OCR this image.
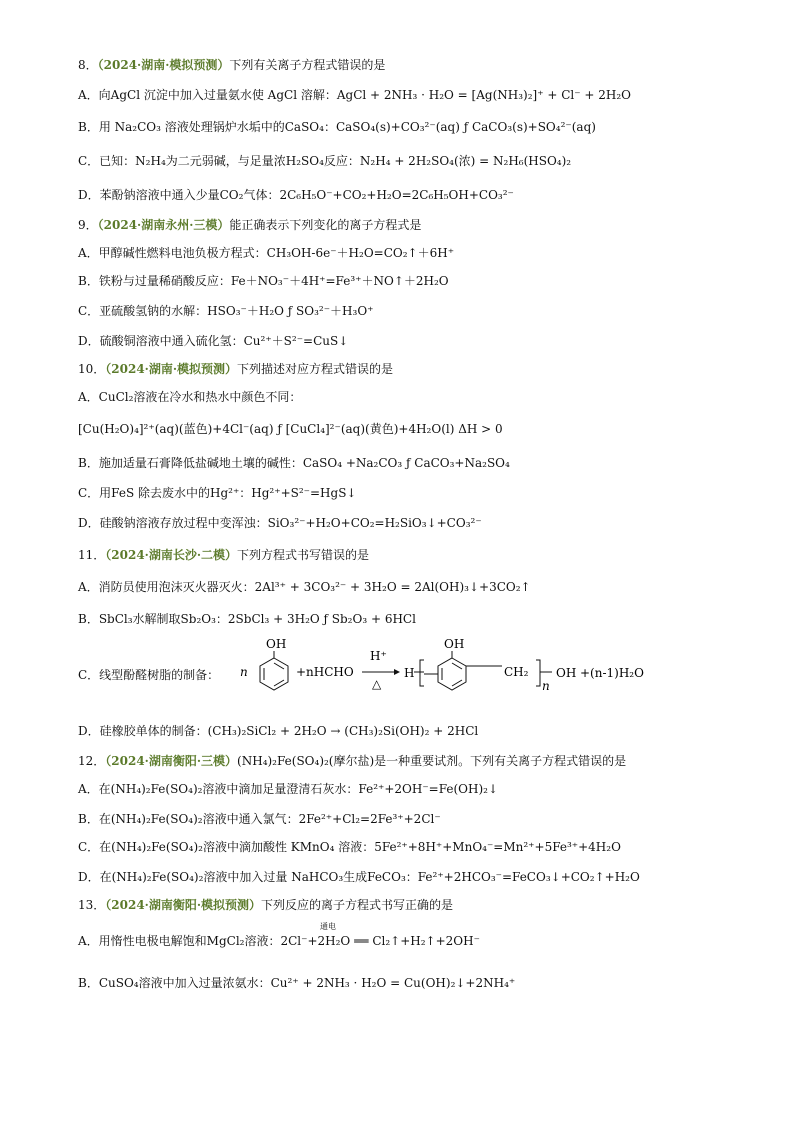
8．（2024·湖南·模拟预测）下列有关离子方程式错误的是
A．向AgCl 沉淀中加入过量氨水使 AgCl 溶解：AgCl + 2NH₃ · H₂O = [Ag(NH₃)₂]⁺ + Cl⁻ + 2H₂O
B．用 Na₂CO₃ 溶液处理锅炉水垢中的CaSO₄：CaSO₄(s)+CO₃²⁻(aq) ƒ CaCO₃(s)+SO₄²⁻(aq)
C．已知：N₂H₄为二元弱碱，与足量浓H₂SO₄反应：N₂H₄ + 2H₂SO₄(浓) = N₂H₆(HSO₄)₂
D．苯酚钠溶液中通入少量CO₂气体：2C₆H₅O⁻+CO₂+H₂O=2C₆H₅OH+CO₃²⁻
9．（2024·湖南永州·三模）能正确表示下列变化的离子方程式是
A．甲醇碱性燃料电池负极方程式：CH₃OH-6e⁻＋H₂O=CO₂↑＋6H⁺
B．铁粉与过量稀硝酸反应：Fe＋NO₃⁻＋4H⁺=Fe³⁺＋NO↑＋2H₂O
C．亚硫酸氢钠的水解：HSO₃⁻＋H₂O ƒ SO₃²⁻＋H₃O⁺
D．硫酸铜溶液中通入硫化氢：Cu²⁺＋S²⁻=CuS↓
10．（2024·湖南·模拟预测）下列描述对应方程式错误的是
A．CuCl₂溶液在冷水和热水中颜色不同：
[Cu(H₂O)₄]²⁺(aq)(蓝色)+4Cl⁻(aq) ƒ [CuCl₄]²⁻(aq)(黄色)+4H₂O(l) ΔH > 0
B．施加适量石膏降低盐碱地土壤的碱性：CaSO₄ +Na₂CO₃ ƒ CaCO₃+Na₂SO₄
C．用FeS 除去废水中的Hg²⁺：Hg²⁺+S²⁻=HgS↓
D．硅酸钠溶液存放过程中变浑浊：SiO₃²⁻+H₂O+CO₂=H₂SiO₃↓+CO₃²⁻
11．（2024·湖南长沙·二模）下列方程式书写错误的是
A．消防员使用泡沫灭火器灭火：2Al³⁺ + 3CO₃²⁻ + 3H₂O = 2Al(OH)₃↓+3CO₂↑
B．SbCl₃水解制取Sb₂O₃：2SbCl₃ + 3H₂O ƒ Sb₂O₃ + 6HCl
C．线型酚醛树脂的制备： n
OH
+nHCHO
H⁺
△
H
OH
CH₂
n
OH +(n-1)H₂O
D．硅橡胶单体的制备：(CH₃)₂SiCl₂ + 2H₂O → (CH₃)₂Si(OH)₂ + 2HCl
12．（2024·湖南衡阳·三模）(NH₄)₂Fe(SO₄)₂(摩尔盐)是一种重要试剂。下列有关离子方程式错误的是
A．在(NH₄)₂Fe(SO₄)₂溶液中滴加足量澄清石灰水：Fe²⁺+2OH⁻=Fe(OH)₂↓
B．在(NH₄)₂Fe(SO₄)₂溶液中通入氯气：2Fe²⁺+Cl₂=2Fe³⁺+2Cl⁻
C．在(NH₄)₂Fe(SO₄)₂溶液中滴加酸性 KMnO₄ 溶液：5Fe²⁺+8H⁺+MnO₄⁻=Mn²⁺+5Fe³⁺+4H₂O
D．在(NH₄)₂Fe(SO₄)₂溶液中加入过量 NaHCO₃生成FeCO₃：Fe²⁺+2HCO₃⁻=FeCO₃↓+CO₂↑+H₂O
13．（2024·湖南衡阳·模拟预测）下列反应的离子方程式书写正确的是
通电
A．用惰性电极电解饱和MgCl₂溶液：2Cl⁻+2H₂O ══ Cl₂↑+H₂↑+2OH⁻
B．CuSO₄溶液中加入过量浓氨水：Cu²⁺ + 2NH₃ · H₂O = Cu(OH)₂↓+2NH₄⁺
